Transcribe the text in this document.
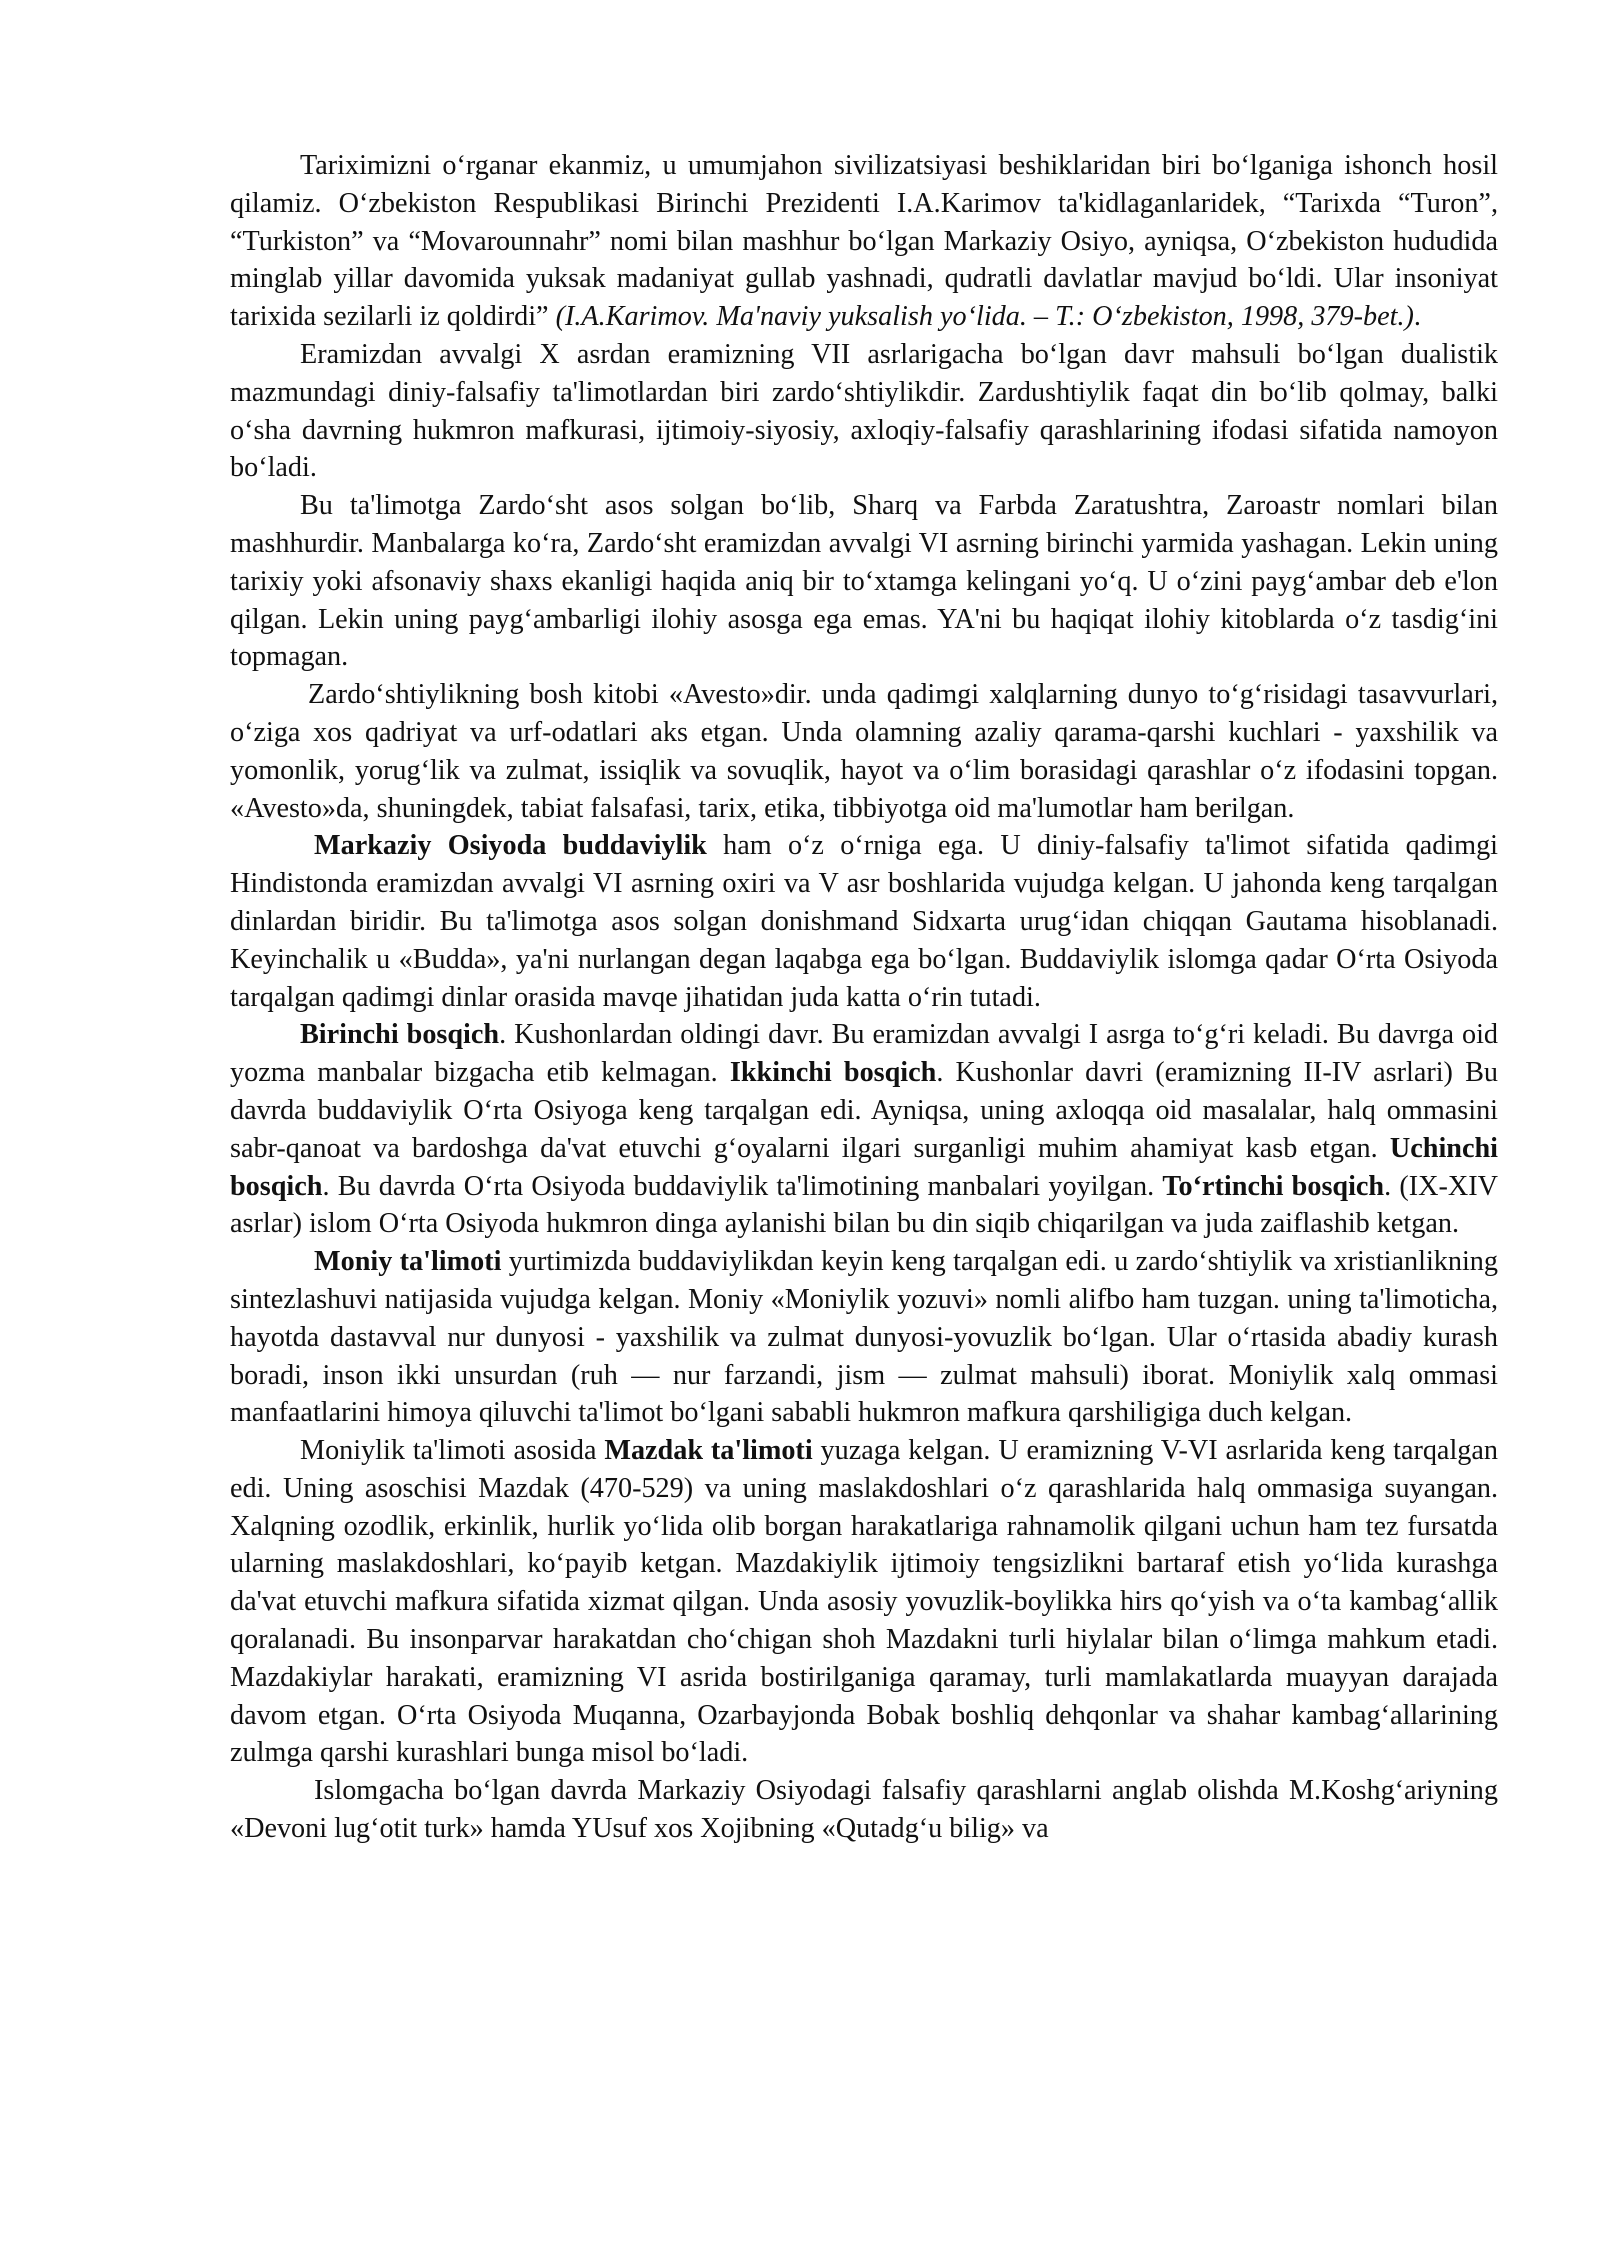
Tariximizni o‘rganar ekanmiz, u umumjahon sivilizatsiyasi beshiklaridan biri bo‘lganiga ishonch hosil qilamiz. O‘zbekiston Respublikasi Birinchi Prezidenti I.A.Karimov ta'kidlaganlaridek, “Tarixda “Turon”, “Turkiston” va “Movarounnahr” nomi bilan mashhur bo‘lgan Markaziy Osiyo, ayniqsa, O‘zbekiston hududida minglab yillar davomida yuksak madaniyat gullab yashnadi, qudratli davlatlar mavjud bo‘ldi. Ular insoniyat tarixida sezilarli iz qoldirdi” (I.A.Karimov. Ma'naviy yuksalish yo‘lida. – T.: O‘zbekiston, 1998, 379-bet.).

Eramizdan avvalgi X asrdan eramizning VII asrlarigacha bo‘lgan davr mahsuli bo‘lgan dualistik mazmundagi diniy-falsafiy ta'limotlardan biri zardo‘shtiylikdir. Zardushtiylik faqat din bo‘lib qolmay, balki o‘sha davrning hukmron mafkurasi, ijtimoiy-siyosiy, axloqiy-falsafiy qarashlarining ifodasi sifatida namoyon bo‘ladi.

Bu ta'limotga Zardo‘sht asos solgan bo‘lib, Sharq va Farbda Zaratushtra, Zaroastr nomlari bilan mashhurdir. Manbalarga ko‘ra, Zardo‘sht eramizdan avvalgi VI asrning birinchi yarmida yashagan. Lekin uning tarixiy yoki afsonaviy shaxs ekanligi haqida aniq bir to‘xtamga kelingani yo‘q. U o‘zini payg‘ambar deb e'lon qilgan. Lekin uning payg‘ambarligi ilohiy asosga ega emas. YA'ni bu haqiqat ilohiy kitoblarda o‘z tasdig‘ini topmagan.

Zardo‘shtiylikning bosh kitobi «Avesto»dir. unda qadimgi xalqlarning dunyo to‘g‘risidagi tasavvurlari, o‘ziga xos qadriyat va urf-odatlari aks etgan. Unda olamning azaliy qarama-qarshi kuchlari - yaxshilik va yomonlik, yorug‘lik va zulmat, issiqlik va sovuqlik, hayot va o‘lim borasidagi qarashlar o‘z ifodasini topgan. «Avesto»da, shuningdek, tabiat falsafasi, tarix, etika, tibbiyotga oid ma'lumotlar ham berilgan.

Markaziy Osiyoda buddaviylik ham o‘z o‘rniga ega. U diniy-falsafiy ta'limot sifatida qadimgi Hindistonda eramizdan avvalgi VI asrning oxiri va V asr boshlarida vujudga kelgan. U jahonda keng tarqalgan dinlardan biridir. Bu ta'limotga asos solgan donishmand Sidxarta urug‘idan chiqqan Gautama hisoblanadi. Keyinchalik u «Budda», ya'ni nurlangan degan laqabga ega bo‘lgan. Buddaviylik islomga qadar O‘rta Osiyoda tarqalgan qadimgi dinlar orasida mavqe jihatidan juda katta o‘rin tutadi.

Birinchi bosqich. Kushonlardan oldingi davr. Bu eramizdan avvalgi I asrga to‘g‘ri keladi. Bu davrga oid yozma manbalar bizgacha etib kelmagan. Ikkinchi bosqich. Kushonlar davri (eramizning II-IV asrlari) Bu davrda buddaviylik O‘rta Osiyoga keng tarqalgan edi. Ayniqsa, uning axloqqa oid masalalar, halq ommasini sabr-qanoat va bardoshga da'vat etuvchi g‘oyalarni ilgari surganligi muhim ahamiyat kasb etgan. Uchinchi bosqich. Bu davrda O‘rta Osiyoda buddaviylik ta'limotining manbalari yoyilgan. To‘rtinchi bosqich. (IX-XIV asrlar) islom O‘rta Osiyoda hukmron dinga aylanishi bilan bu din siqib chiqarilgan va juda zaiflashib ketgan.

Moniy ta'limoti yurtimizda buddaviylikdan keyin keng tarqalgan edi. u zardo‘shtiylik va xristianlikning sintezlashuvi natijasida vujudga kelgan. Moniy «Moniylik yozuvi» nomli alifbo ham tuzgan. uning ta'limoticha, hayotda dastavval nur dunyosi - yaxshilik va zulmat dunyosi-yovuzlik bo‘lgan. Ular o‘rtasida abadiy kurash boradi, inson ikki unsurdan (ruh — nur farzandi, jism — zulmat mahsuli) iborat. Moniylik xalq ommasi manfaatlarini himoya qiluvchi ta'limot bo‘lgani sababli hukmron mafkura qarshiligiga duch kelgan.

Moniylik ta'limoti asosida Mazdak ta'limoti yuzaga kelgan. U eramizning V-VI asrlarida keng tarqalgan edi. Uning asoschisi Mazdak (470-529) va uning maslakdoshlari o‘z qarashlarida halq ommasiga suyangan. Xalqning ozodlik, erkinlik, hurlik yo‘lida olib borgan harakatlariga rahnamolik qilgani uchun ham tez fursatda ularning maslakdoshlari, ko‘payib ketgan. Mazdakiylik ijtimoiy tengsizlikni bartaraf etish yo‘lida kurashga da'vat etuvchi mafkura sifatida xizmat qilgan. Unda asosiy yovuzlik-boylikka hirs qo‘yish va o‘ta kambag‘allik qoralanadi. Bu insonparvar harakatdan cho‘chigan shoh Mazdakni turli hiylalar bilan o‘limga mahkum etadi. Mazdakiylar harakati, eramizning VI asrida bostirilganiga qaramay, turli mamlakatlarda muayyan darajada davom etgan. O‘rta Osiyoda Muqanna, Ozarbayjonda Bobak boshliq dehqonlar va shahar kambag‘allarining zulmga qarshi kurashlari bunga misol bo‘ladi.

Islomgacha bo‘lgan davrda Markaziy Osiyodagi falsafiy qarashlarni anglab olishda M.Koshg‘ariyning «Devoni lug‘otit turk» hamda YUsuf xos Xojibning «Qutadg‘u bilig» va
